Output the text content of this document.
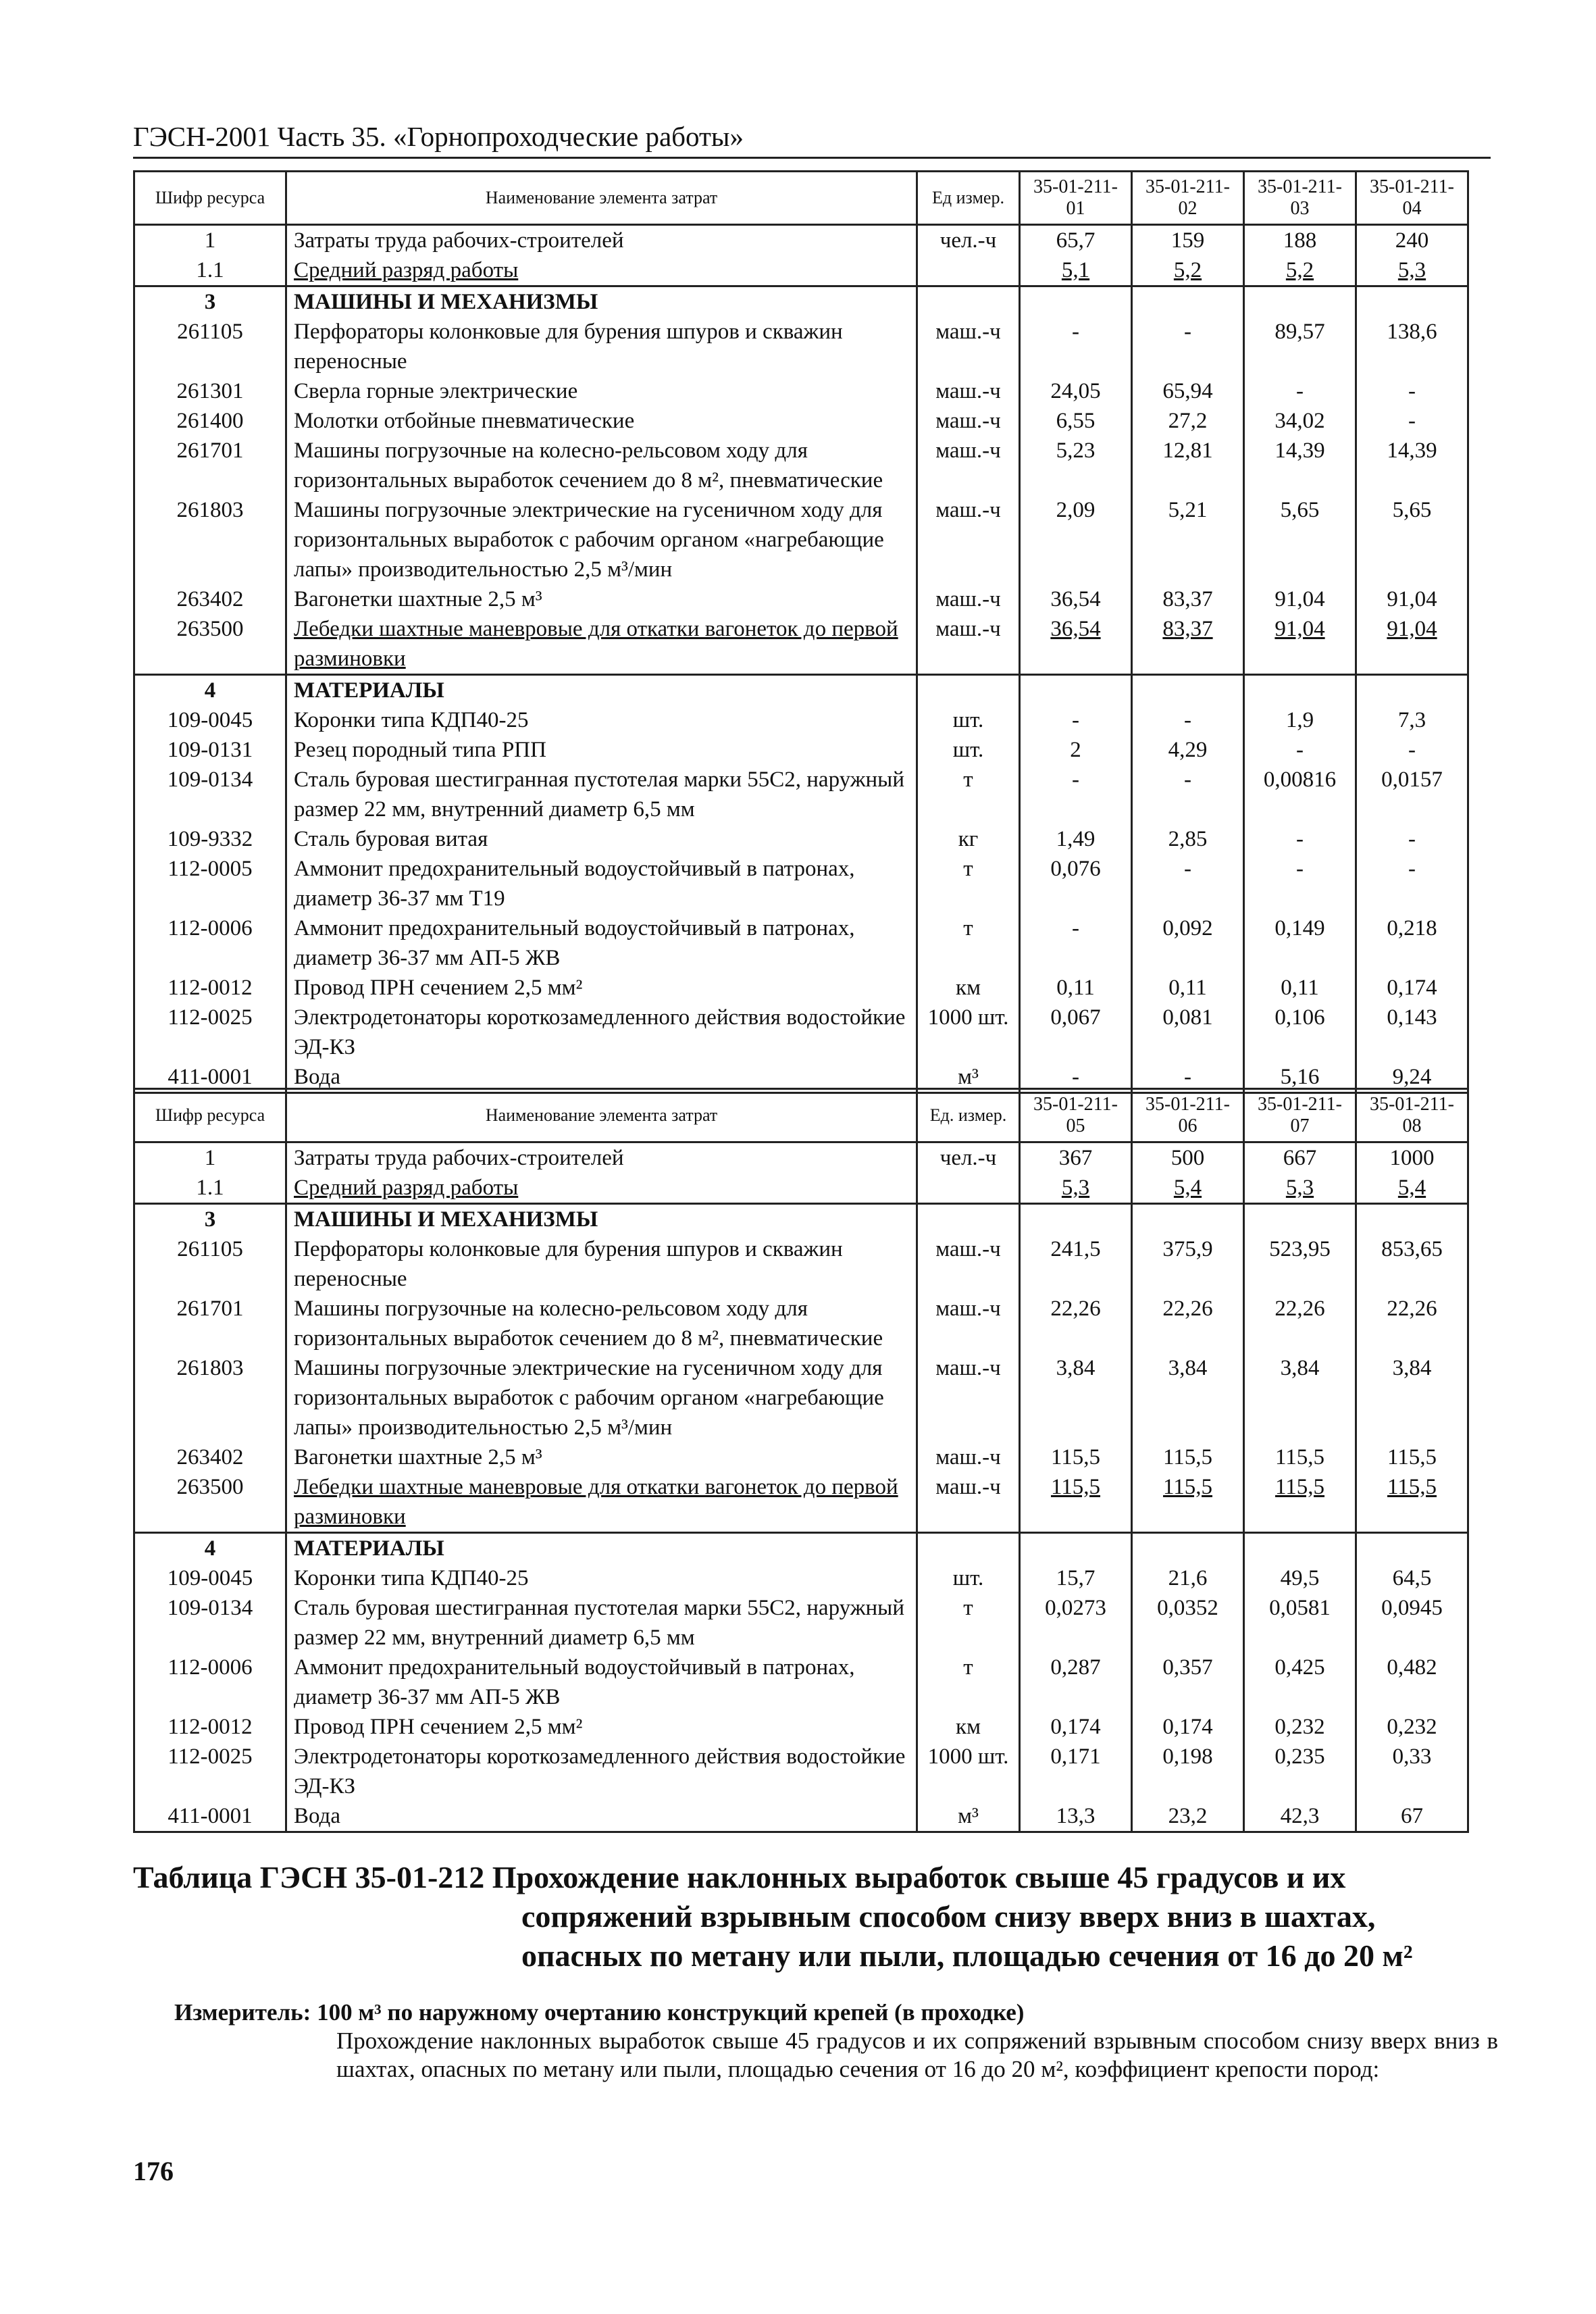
ГЭСН-2001 Часть 35. «Горнопроходческие работы»
Шифр ресурса	Наименование элемента затрат	Ед измер.	35-01-211-01	35-01-211-02	35-01-211-03	35-01-211-04
1	Затраты труда рабочих-строителей	чел.-ч	65,7	159	188	240
1.1	Средний разряд работы		5,1	5,2	5,2	5,3
3	МАШИНЫ И МЕХАНИЗМЫ					
261105	Перфораторы колонковые для бурения шпуров и скважин переносные	маш.-ч	-	-	89,57	138,6
261301	Сверла горные электрические	маш.-ч	24,05	65,94	-	-
261400	Молотки отбойные пневматические	маш.-ч	6,55	27,2	34,02	-
261701	Машины погрузочные на колесно-рельсовом ходу для горизонтальных выработок сечением до 8 м², пневматические	маш.-ч	5,23	12,81	14,39	14,39
261803	Машины погрузочные электрические на гусеничном ходу для горизонтальных выработок с рабочим органом «нагребающие лапы» производительностью 2,5 м³/мин	маш.-ч	2,09	5,21	5,65	5,65
263402	Вагонетки шахтные 2,5 м³	маш.-ч	36,54	83,37	91,04	91,04
263500	Лебедки шахтные маневровые для откатки вагонеток до первой разминовки	маш.-ч	36,54	83,37	91,04	91,04
4	МАТЕРИАЛЫ					
109-0045	Коронки типа КДП40-25	шт.	-	-	1,9	7,3
109-0131	Резец породный типа РПП	шт.	2	4,29	-	-
109-0134	Сталь буровая шестигранная пустотелая марки 55С2, наружный размер 22 мм, внутренний диаметр 6,5 мм	т	-	-	0,00816	0,0157
109-9332	Сталь буровая витая	кг	1,49	2,85	-	-
112-0005	Аммонит предохранительный водоустойчивый в патронах, диаметр 36-37 мм Т19	т	0,076	-	-	-
112-0006	Аммонит предохранительный водоустойчивый в патронах, диаметр 36-37 мм АП-5 ЖВ	т	-	0,092	0,149	0,218
112-0012	Провод ПРН сечением 2,5 мм²	км	0,11	0,11	0,11	0,174
112-0025	Электродетонаторы короткозамедленного действия водостойкие ЭД-КЗ	1000 шт.	0,067	0,081	0,106	0,143
411-0001	Вода	м³	-	-	5,16	9,24
Шифр ресурса	Наименование элемента затрат	Ед. измер.	35-01-211-05	35-01-211-06	35-01-211-07	35-01-211-08
1	Затраты труда рабочих-строителей	чел.-ч	367	500	667	1000
1.1	Средний разряд работы		5,3	5,4	5,3	5,4
3	МАШИНЫ И МЕХАНИЗМЫ					
261105	Перфораторы колонковые для бурения шпуров и скважин переносные	маш.-ч	241,5	375,9	523,95	853,65
261701	Машины погрузочные на колесно-рельсовом ходу для горизонтальных выработок сечением до 8 м², пневматические	маш.-ч	22,26	22,26	22,26	22,26
261803	Машины погрузочные электрические на гусеничном ходу для горизонтальных выработок с рабочим органом «нагребающие лапы» производительностью 2,5 м³/мин	маш.-ч	3,84	3,84	3,84	3,84
263402	Вагонетки шахтные 2,5 м³	маш.-ч	115,5	115,5	115,5	115,5
263500	Лебедки шахтные маневровые для откатки вагонеток до первой разминовки	маш.-ч	115,5	115,5	115,5	115,5
4	МАТЕРИАЛЫ					
109-0045	Коронки типа КДП40-25	шт.	15,7	21,6	49,5	64,5
109-0134	Сталь буровая шестигранная пустотелая марки 55С2, наружный размер 22 мм, внутренний диаметр 6,5 мм	т	0,0273	0,0352	0,0581	0,0945
112-0006	Аммонит предохранительный водоустойчивый в патронах, диаметр 36-37 мм АП-5 ЖВ	т	0,287	0,357	0,425	0,482
112-0012	Провод ПРН сечением 2,5 мм²	км	0,174	0,174	0,232	0,232
112-0025	Электродетонаторы короткозамедленного действия водостойкие ЭД-КЗ	1000 шт.	0,171	0,198	0,235	0,33
411-0001	Вода	м³	13,3	23,2	42,3	67
Таблица ГЭСН 35-01-212 Прохождение наклонных выработок свыше 45 градусов и их
сопряжений взрывным способом снизу вверх вниз в шахтах,
опасных по метану или пыли, площадью сечения от 16 до 20 м²
Измеритель: 100 м³ по наружному очертанию конструкций крепей (в проходке)
Прохождение наклонных выработок свыше 45 градусов и их сопряжений взрывным способом снизу вверх вниз в шахтах, опасных по метану или пыли, площадью сечения от 16 до 20 м², коэффициент крепости пород:
176
